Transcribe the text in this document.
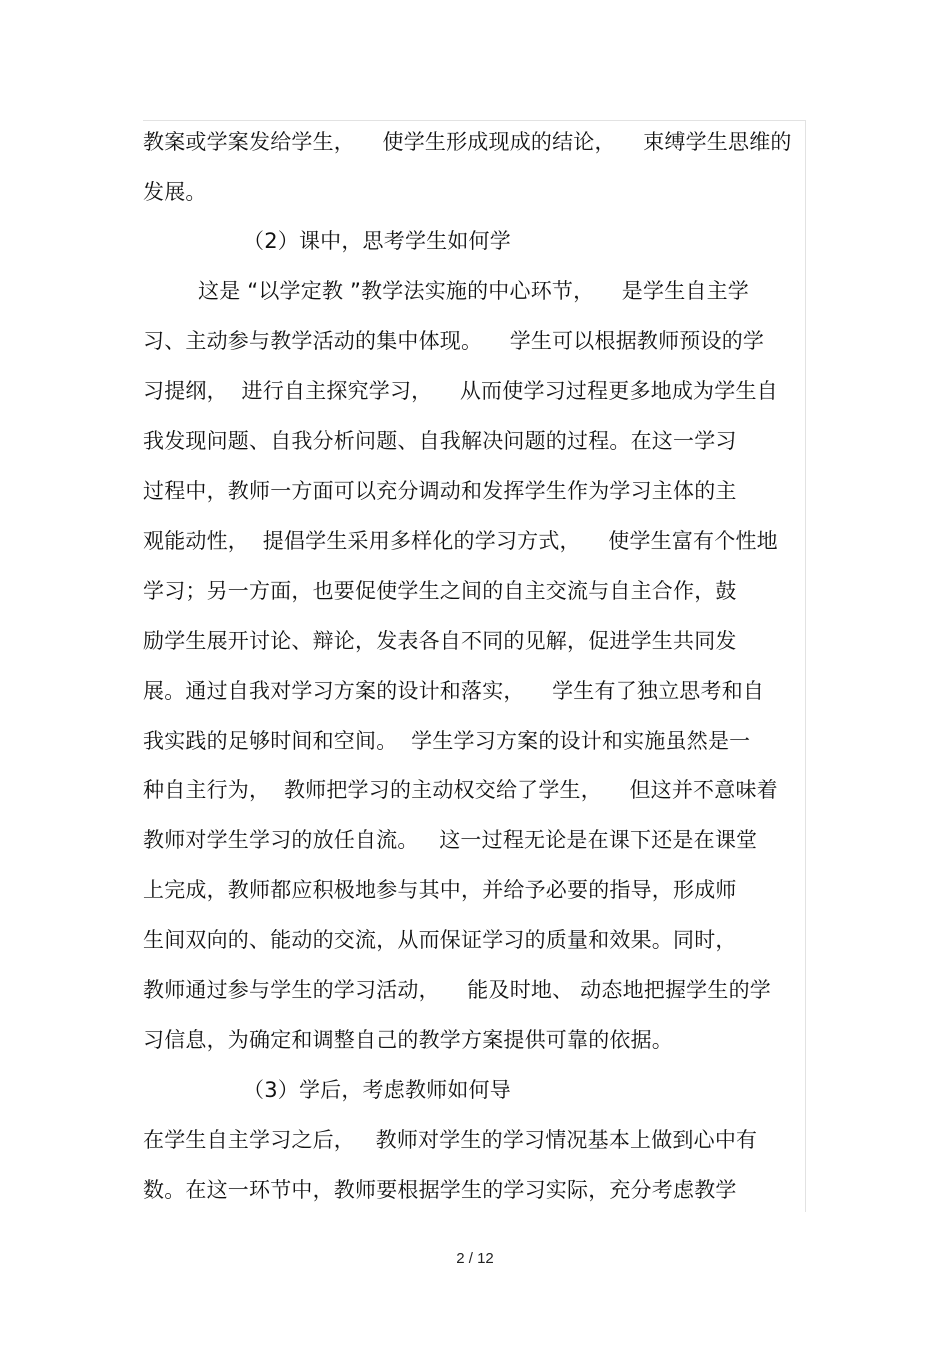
教案或学案发给学生，    使学生形成现成的结论，    束缚学生思维的
发展。
（2）课中，思考学生如何学
这是 “以学定教 ”教学法实施的中心环节，    是学生自主学
习、主动参与教学活动的集中体现。    学生可以根据教师预设的学
习提纲，  进行自主探究学习，    从而使学习过程更多地成为学生自
我发现问题、自我分析问题、自我解决问题的过程。在这一学习
过程中，教师一方面可以充分调动和发挥学生作为学习主体的主
观能动性，  提倡学生采用多样化的学习方式，    使学生富有个性地
学习；另一方面，也要促使学生之间的自主交流与自主合作，鼓
励学生展开讨论、辩论，发表各自不同的见解，促进学生共同发
展。通过自我对学习方案的设计和落实，    学生有了独立思考和自
我实践的足够时间和空间。  学生学习方案的设计和实施虽然是一
种自主行为，  教师把学习的主动权交给了学生，    但这并不意味着
教师对学生学习的放任自流。   这一过程无论是在课下还是在课堂
上完成，教师都应积极地参与其中，并给予必要的指导，形成师
生间双向的、能动的交流，从而保证学习的质量和效果。同时，
教师通过参与学生的学习活动，    能及时地、 动态地把握学生的学
习信息，为确定和调整自己的教学方案提供可靠的依据。
（3）学后，考虑教师如何导
在学生自主学习之后，   教师对学生的学习情况基本上做到心中有
数。在这一环节中，教师要根据学生的学习实际，充分考虑教学
2 / 12
